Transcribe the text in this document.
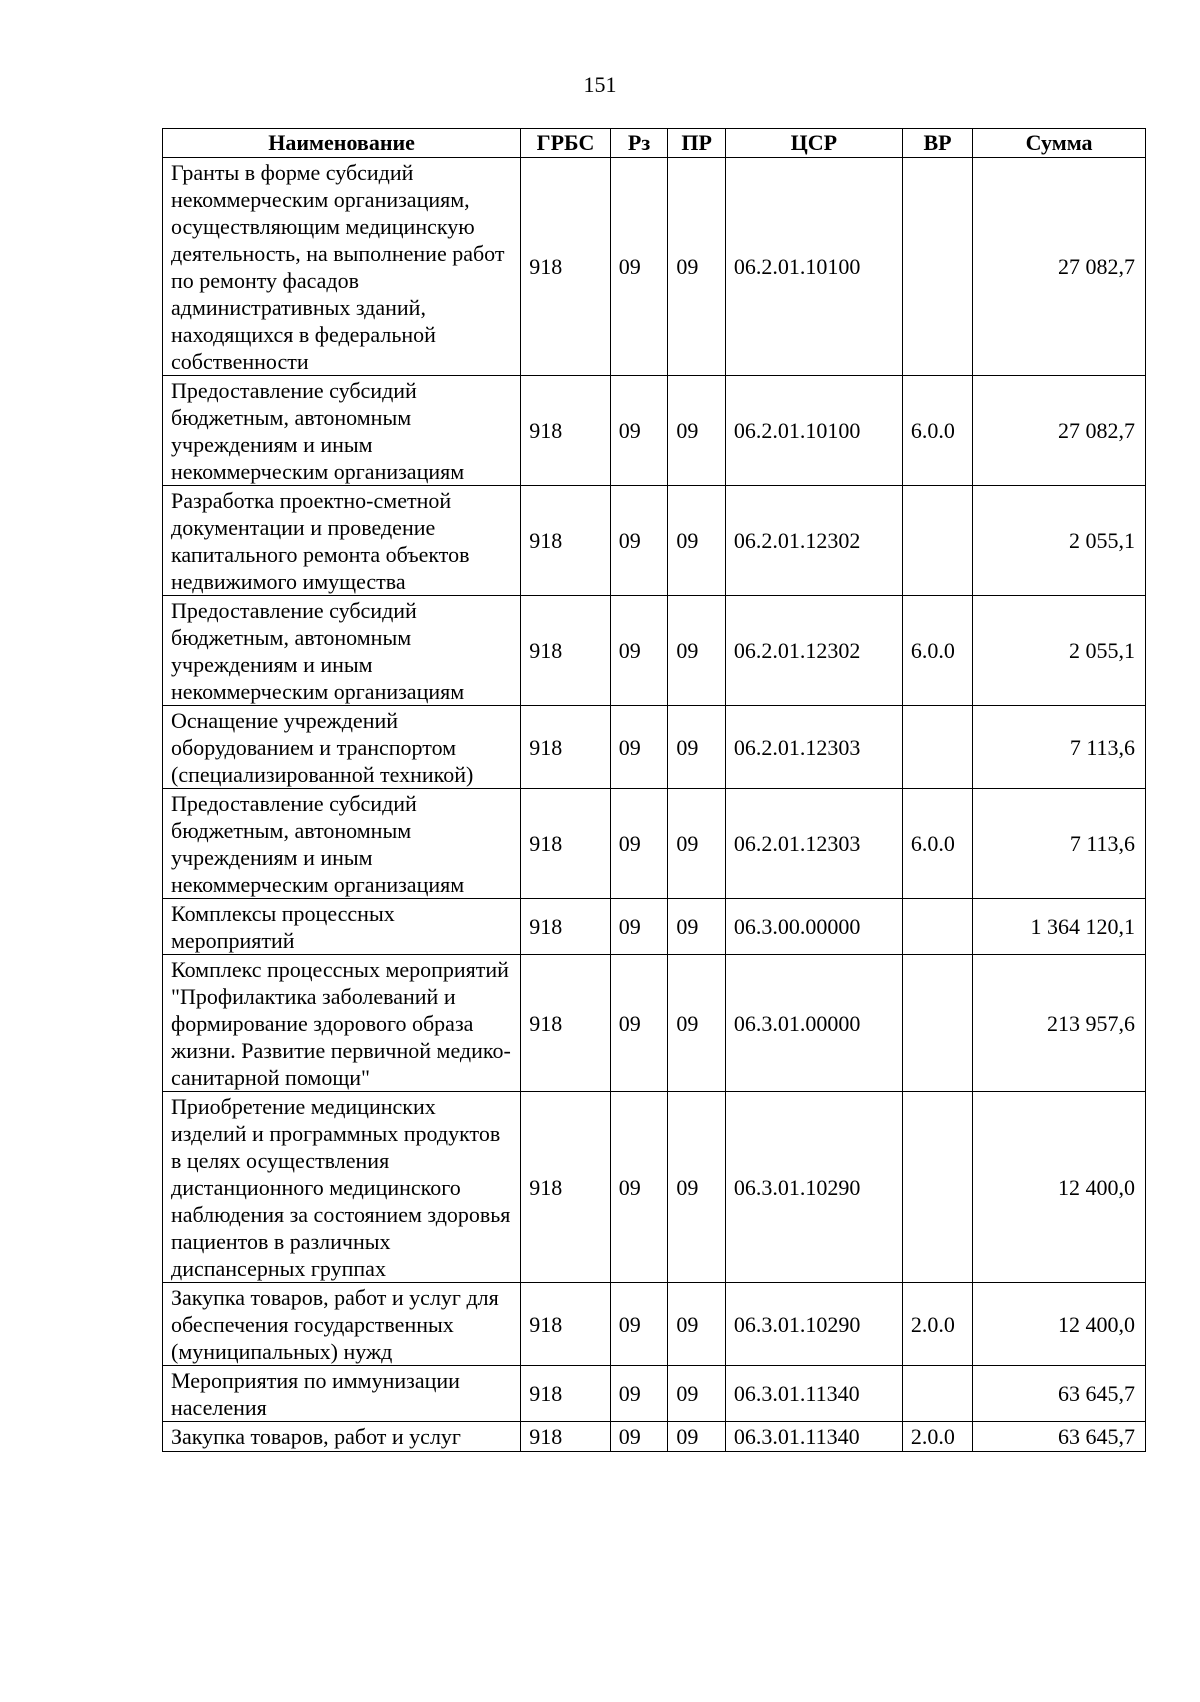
151
Наименование	ГРБС	Рз	ПР	ЦСР	ВР	Сумма
Гранты в форме субсидий некоммерческим организациям, осуществляющим медицинскую деятельность, на выполнение работ по ремонту фасадов административных зданий, находящихся в федеральной собственности	918	09	09	06.2.01.10100		27 082,7
Предоставление субсидий бюджетным, автономным учреждениям и иным некоммерческим организациям	918	09	09	06.2.01.10100	6.0.0	27 082,7
Разработка проектно-сметной документации и проведение капитального ремонта объектов недвижимого имущества	918	09	09	06.2.01.12302		2 055,1
Предоставление субсидий бюджетным, автономным учреждениям и иным некоммерческим организациям	918	09	09	06.2.01.12302	6.0.0	2 055,1
Оснащение учреждений оборудованием и транспортом (специализированной техникой)	918	09	09	06.2.01.12303		7 113,6
Предоставление субсидий бюджетным, автономным учреждениям и иным некоммерческим организациям	918	09	09	06.2.01.12303	6.0.0	7 113,6
Комплексы процессных мероприятий	918	09	09	06.3.00.00000		1 364 120,1
Комплекс процессных мероприятий "Профилактика заболеваний и формирование здорового образа жизни. Развитие первичной медико-санитарной помощи"	918	09	09	06.3.01.00000		213 957,6
Приобретение медицинских изделий и программных продуктов в целях осуществления дистанционного медицинского наблюдения за состоянием здоровья пациентов в различных диспансерных группах	918	09	09	06.3.01.10290		12 400,0
Закупка товаров, работ и услуг для обеспечения государственных (муниципальных) нужд	918	09	09	06.3.01.10290	2.0.0	12 400,0
Мероприятия по иммунизации населения	918	09	09	06.3.01.11340		63 645,7
Закупка товаров, работ и услуг	918	09	09	06.3.01.11340	2.0.0	63 645,7
